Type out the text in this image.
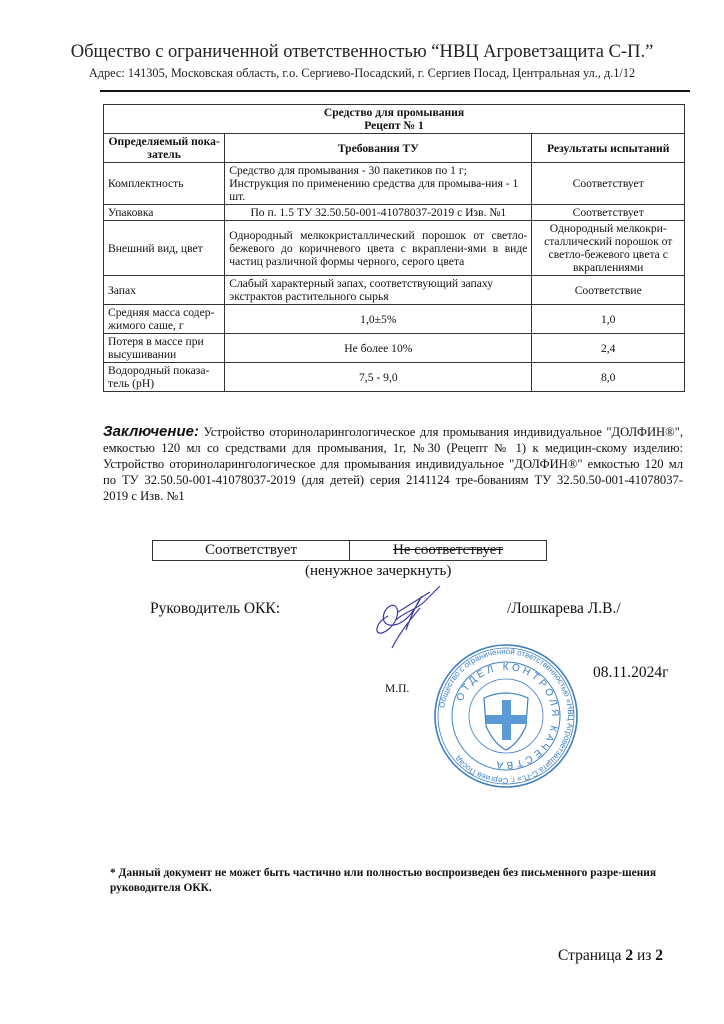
Общество с ограниченной ответственностью “НВЦ Агроветзащита С-П.”
Адрес: 141305, Московская область, г.о. Сергиево-Посадский, г. Сергиев Посад, Центральная ул., д.1/12
Средство для промывания
Рецепт № 1		

Определяемый пока-затель	Требования ТУ	Результаты испытаний
Комплектность	Средство для промывания - 30 пакетиков по 1 г; Инструкция по применению средства для промыва-ния - 1 шт.	Соответствует
Упаковка	По п. 1.5 ТУ 32.50.50-001-41078037-2019 с Изв. №1	Соответствует
Внешний вид, цвет	Однородный мелкокристаллический порошок от светло-бежевого до коричневого цвета с вкраплени-ями в виде частиц различной формы черного, серого цвета	Однородный мелкокри-сталлический порошок от светло-бежевого цвета с вкраплениями
Запах	Слабый характерный запах, соответствующий запаху экстрактов растительного сырья	Соответствие
Средняя масса содер-жимого саше, г	1,0±5%	1,0
Потеря в массе при высушивании	Не более 10%	2,4
Водородный показа-тель (pH)	7,5 - 9,0	8,0
Заключение: Устройство оториноларингологическое для промывания индивидуальное "ДОЛФИН®", емкостью 120 мл со средствами для промывания, 1г, №30 (Рецепт № 1) к медицин-скому изделию: Устройство оториноларингологическое для промывания индивидуальное "ДОЛФИН®" емкостью 120 мл по ТУ 32.50.50-001-41078037-2019 (для детей) серия 2141124 тре-бованиям ТУ 32.50.50-001-41078037-2019 с Изв. №1
Соответствует	Не соответствует
(ненужное зачеркнуть)
Руководитель ОКК:	/Лошкарева Л.В./
08.11.2024г
М.П.
Общество с ограниченной ответственностью «НВЦ Агроветзащита С-П.» г. Сергиев Посад
ОТДЕЛ КОНТРОЛЯ КАЧЕСТВА
* Данный документ не может быть частично или полностью воспроизведен без письменного разре-шения руководителя ОКК.
Страница 2 из 2
